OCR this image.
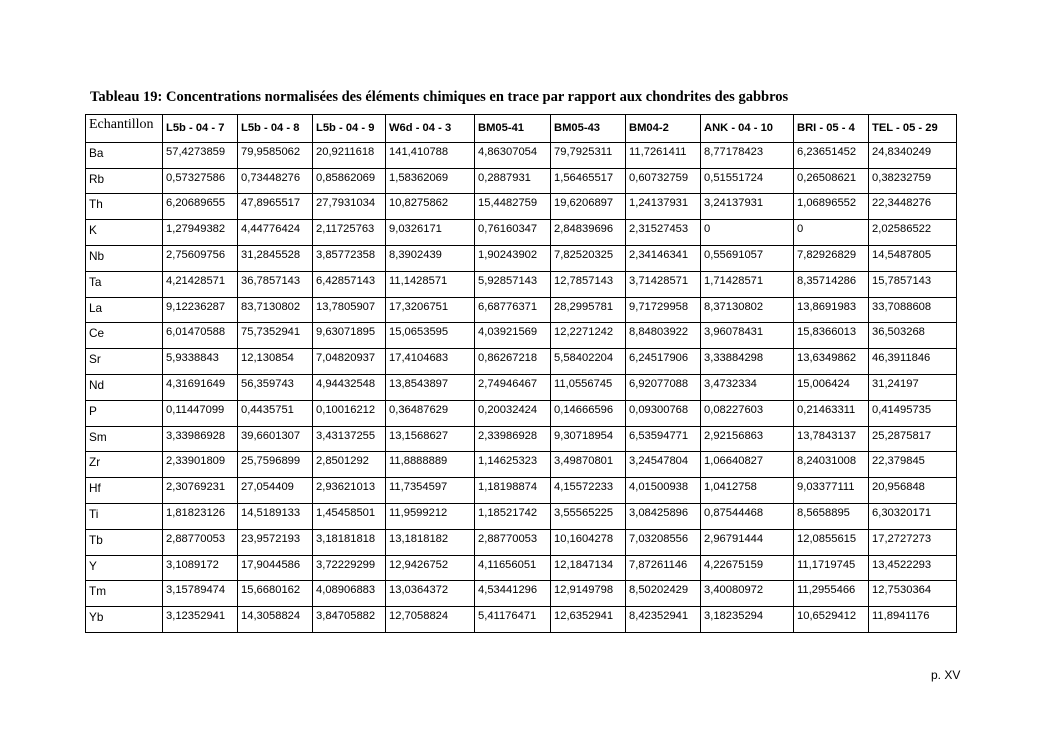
Tableau 19: Concentrations normalisées des éléments chimiques en trace par rapport aux chondrites des gabbros
Echantillon	L5b - 04 - 7	L5b - 04 - 8	L5b - 04 - 9	W6d - 04 - 3	BM05-41	BM05-43	BM04-2	ANK - 04 - 10	BRI - 05 - 4	TEL - 05 - 29
Ba	57,4273859	79,9585062	20,9211618	141,410788	4,86307054	79,7925311	11,7261411	8,77178423	6,23651452	24,8340249
Rb	0,57327586	0,73448276	0,85862069	1,58362069	0,2887931	1,56465517	0,60732759	0,51551724	0,26508621	0,38232759
Th	6,20689655	47,8965517	27,7931034	10,8275862	15,4482759	19,6206897	1,24137931	3,24137931	1,06896552	22,3448276
K	1,27949382	4,44776424	2,11725763	9,0326171	0,76160347	2,84839696	2,31527453	0	0	2,02586522
Nb	2,75609756	31,2845528	3,85772358	8,3902439	1,90243902	7,82520325	2,34146341	0,55691057	7,82926829	14,5487805
Ta	4,21428571	36,7857143	6,42857143	11,1428571	5,92857143	12,7857143	3,71428571	1,71428571	8,35714286	15,7857143
La	9,12236287	83,7130802	13,7805907	17,3206751	6,68776371	28,2995781	9,71729958	8,37130802	13,8691983	33,7088608
Ce	6,01470588	75,7352941	9,63071895	15,0653595	4,03921569	12,2271242	8,84803922	3,96078431	15,8366013	36,503268
Sr	5,9338843	12,130854	7,04820937	17,4104683	0,86267218	5,58402204	6,24517906	3,33884298	13,6349862	46,3911846
Nd	4,31691649	56,359743	4,94432548	13,8543897	2,74946467	11,0556745	6,92077088	3,4732334	15,006424	31,24197
P	0,11447099	0,4435751	0,10016212	0,36487629	0,20032424	0,14666596	0,09300768	0,08227603	0,21463311	0,41495735
Sm	3,33986928	39,6601307	3,43137255	13,1568627	2,33986928	9,30718954	6,53594771	2,92156863	13,7843137	25,2875817
Zr	2,33901809	25,7596899	2,8501292	11,8888889	1,14625323	3,49870801	3,24547804	1,06640827	8,24031008	22,379845
Hf	2,30769231	27,054409	2,93621013	11,7354597	1,18198874	4,15572233	4,01500938	1,0412758	9,03377111	20,956848
Ti	1,81823126	14,5189133	1,45458501	11,9599212	1,18521742	3,55565225	3,08425896	0,87544468	8,5658895	6,30320171
Tb	2,88770053	23,9572193	3,18181818	13,1818182	2,88770053	10,1604278	7,03208556	2,96791444	12,0855615	17,2727273
Y	3,1089172	17,9044586	3,72229299	12,9426752	4,11656051	12,1847134	7,87261146	4,22675159	11,1719745	13,4522293
Tm	3,15789474	15,6680162	4,08906883	13,0364372	4,53441296	12,9149798	8,50202429	3,40080972	11,2955466	12,7530364
Yb	3,12352941	14,3058824	3,84705882	12,7058824	5,41176471	12,6352941	8,42352941	3,18235294	10,6529412	11,8941176
p. XV
